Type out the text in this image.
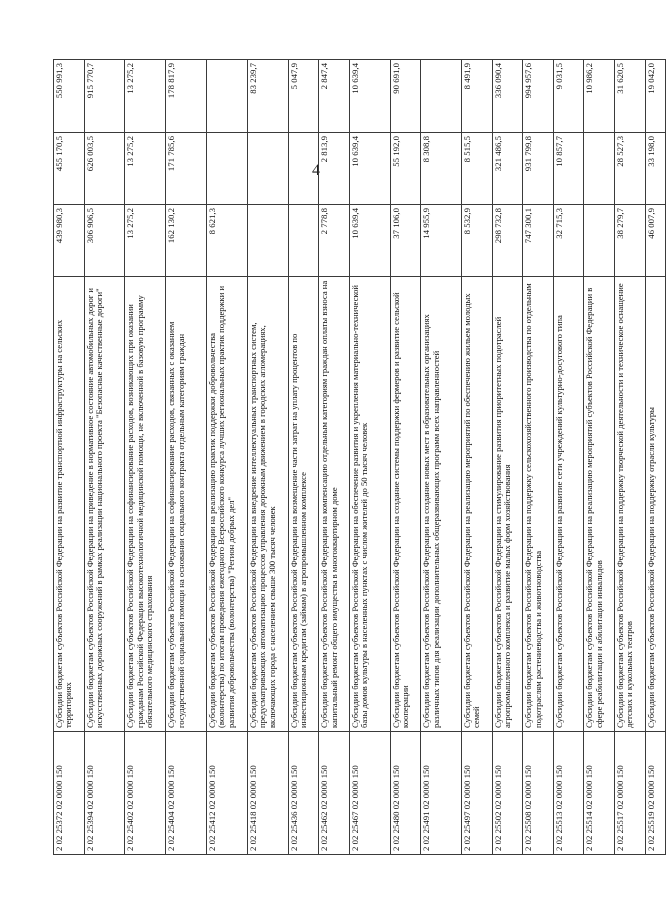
4
2 02 25372 02 0000 150	Субсидии бюджетам субъектов Российской Федерации на развитие транспортной инфраструктуры на сельских территориях	439 980,3	455 170,5	550 991,3
2 02 25394 02 0000 150	Субсидии бюджетам субъектов Российской Федерации на приведение в нормативное состояние автомобильных дорог и искусственных дорожных сооружений в рамках реализации национального проекта "Безопасные качественные дороги"	306 906,5	626 003,5	915 770,7
2 02 25402 02 0000 150	Субсидии бюджетам субъектов Российской Федерации на софинансирование расходов, возникающих при оказании гражданам Российской Федерации высокотехнологичной медицинской помощи, не включенной в базовую программу обязательного медицинского страхования	13 275,2	13 275,2	13 275,2
2 02 25404 02 0000 150	Субсидии бюджетам субъектов Российской Федерации на софинансирование расходов, связанных с оказанием государственной социальной помощи на основании социального контракта отдельным категориям граждан	162 130,2	171 785,6	178 817,9
2 02 25412 02 0000 150	Субсидии бюджетам субъектов Российской Федерации на реализацию практик поддержки добровольчества (волонтерства) по итогам проведения ежегодного Всероссийского конкурса лучших региональных практик поддержки и развития добровольчества (волонтерства) "Регион добрых дел"	8 621,3		
2 02 25418 02 0000 150	Субсидии бюджетам субъектов Российской Федерации на внедрение интеллектуальных транспортных систем, предусматривающих автоматизацию процессов управления дорожным движением в городских агломерациях, включающих города с населением свыше 300 тысяч человек			83 239,7
2 02 25436 02 0000 150	Субсидии бюджетам субъектов Российской Федерации на возмещение части затрат на уплату процентов по инвестиционным кредитам (займам) в агропромышленном комплексе			5 047,9
2 02 25462 02 0000 150	Субсидии бюджетам субъектов Российской Федерации на компенсацию отдельным категориям граждан оплаты взноса на капитальный ремонт общего имущества в многоквартирном доме	2 778,8	2 813,9	2 847,4
2 02 25467 02 0000 150	Субсидии бюджетам субъектов Российской Федерации на обеспечение развития и укрепления материально-технической базы домов культуры в населенных пунктах с числом жителей до 50 тысяч человек	10 639,4	10 639,4	10 639,4
2 02 25480 02 0000 150	Субсидии бюджетам субъектов Российской Федерации на создание системы поддержки фермеров и развитие сельской кооперации	37 106,0	55 192,0	90 691,0
2 02 25491 02 0000 150	Субсидии бюджетам субъектов Российской Федерации на создание новых мест в образовательных организациях различных типов для реализации дополнительных общеразвивающих программ всех направленностей	14 955,9	8 308,8	
2 02 25497 02 0000 150	Субсидии бюджетам субъектов Российской Федерации на реализацию мероприятий по обеспечению жильем молодых семей	8 532,9	8 515,5	8 491,9
2 02 25502 02 0000 150	Субсидии бюджетам субъектов Российской Федерации на стимулирование развития приоритетных подотраслей агропромышленного комплекса и развитие малых форм хозяйствования	298 732,8	321 486,5	336 090,4
2 02 25508 02 0000 150	Субсидии бюджетам субъектов Российской Федерации на поддержку сельскохозяйственного производства по отдельным подотраслям растениеводства и животноводства	747 300,1	931 799,8	994 957,6
2 02 25513 02 0000 150	Субсидии бюджетам субъектов Российской Федерации на развитие сети учреждений культурно-досугового типа	32 715,3	10 857,7	9 031,5
2 02 25514 02 0000 150	Субсидии бюджетам субъектов Российской Федерации на реализацию мероприятий субъектов Российской Федерации в сфере реабилитации и абилитации инвалидов			10 986,2
2 02 25517 02 0000 150	Субсидии бюджетам субъектов Российской Федерации на поддержку творческой деятельности и техническое оснащение детских и кукольных театров	38 279,7	28 527,3	31 620,5
2 02 25519 02 0000 150	Субсидии бюджетам субъектов Российской Федерации на поддержку отрасли культуры	46 007,9	33 198,0	19 042,0
